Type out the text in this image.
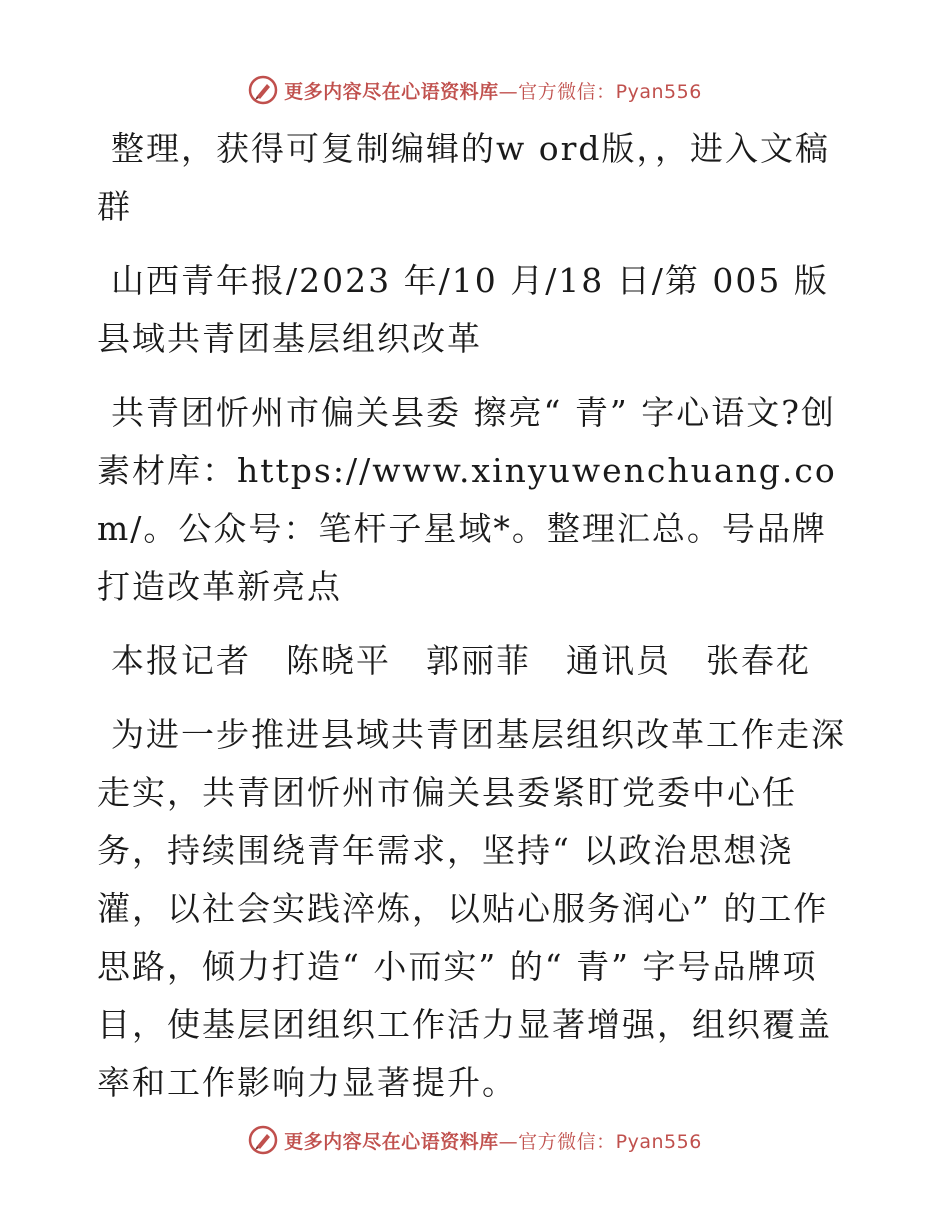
更多内容尽在心语资料库—官方微信：Pyan556

整理，获得可复制编辑的w ord版，，进入文稿群

山西青年报/2023 年/10 月/18 日/第 005 版县域共青团基层组织改革

共青团忻州市偏关县委 擦亮“ 青” 字心语文?创素材库：https://www.xinyuwenchuang.com/。公众号：笔杆子星域*。整理汇总。号品牌 打造改革新亮点

本报记者　陈晓平　郭丽菲　通讯员　张春花

为进一步推进县域共青团基层组织改革工作走深走实，共青团忻州市偏关县委紧盯党委中心任务，持续围绕青年需求，坚持“ 以政治思想浇灌，以社会实践淬炼，以贴心服务润心” 的工作思路，倾力打造“ 小而实” 的“ 青” 字号品牌项目，使基层团组织工作活力显著增强，组织覆盖率和工作影响力显著提升。

更多内容尽在心语资料库—官方微信：Pyan556
